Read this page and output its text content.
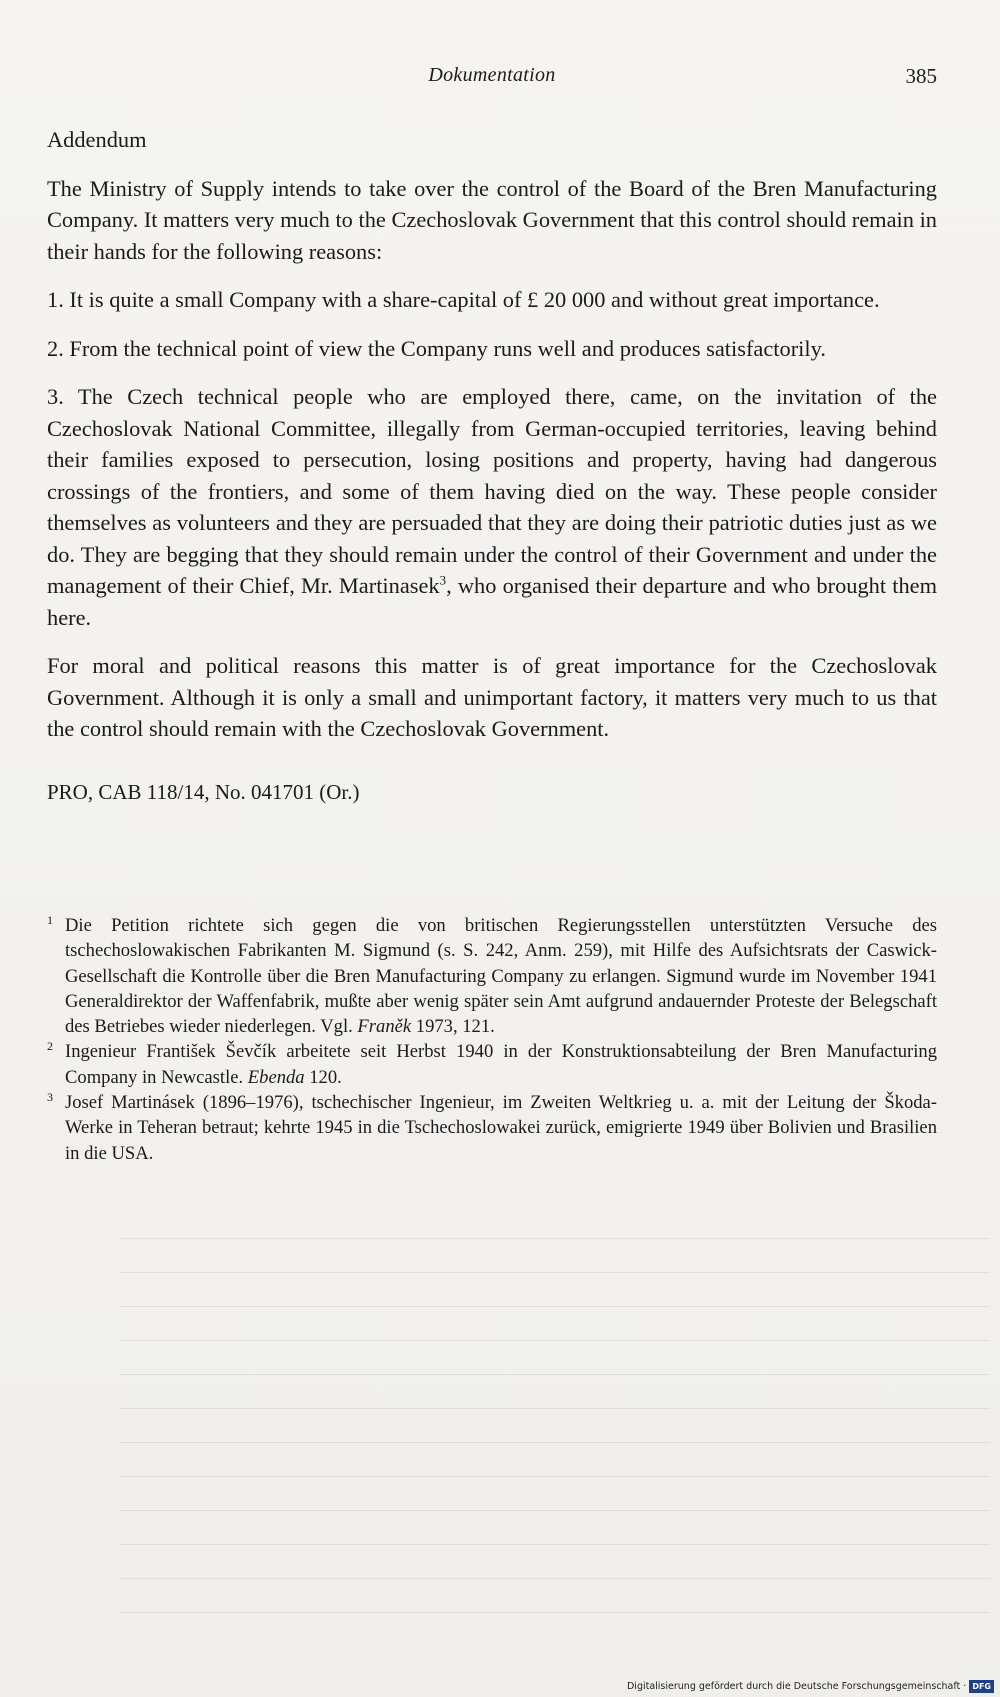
Dokumentation	385

Addendum

The Ministry of Supply intends to take over the control of the Board of the Bren Manufacturing Company. It matters very much to the Czechoslovak Government that this control should remain in their hands for the following reasons:

1. It is quite a small Company with a share-capital of £ 20 000 and without great importance.

2. From the technical point of view the Company runs well and produces satisfactorily.

3. The Czech technical people who are employed there, came, on the invitation of the Czechoslovak National Committee, illegally from German-occupied territories, leaving behind their families exposed to persecution, losing positions and property, having had dangerous crossings of the frontiers, and some of them having died on the way. These people consider themselves as volunteers and they are persuaded that they are doing their patriotic duties just as we do. They are begging that they should remain under the control of their Government and under the management of their Chief, Mr. Martinasek$^3$, who organised their departure and who brought them here.

For moral and political reasons this matter is of great importance for the Czechoslovak Government. Although it is only a small and unimportant factory, it matters very much to us that the control should remain with the Czechoslovak Government.

PRO, CAB 118/14, No. 041701 (Or.)

1 Die Petition richtete sich gegen die von britischen Regierungsstellen unterstützten Versuche des tschechoslowakischen Fabrikanten M. Sigmund (s. S. 242, Anm. 259), mit Hilfe des Aufsichtsrats der Caswick-Gesellschaft die Kontrolle über die Bren Manufacturing Company zu erlangen. Sigmund wurde im November 1941 Generaldirektor der Waffenfabrik, mußte aber wenig später sein Amt aufgrund andauernder Proteste der Belegschaft des Betriebes wieder niederlegen. Vgl. Franěk 1973, 121.
2 Ingenieur František Ševčík arbeitete seit Herbst 1940 in der Konstruktionsabteilung der Bren Manufacturing Company in Newcastle. Ebenda 120.
3 Josef Martinásek (1896–1976), tschechischer Ingenieur, im Zweiten Weltkrieg u. a. mit der Leitung der Škoda-Werke in Teheran betraut; kehrte 1945 in die Tschechoslowakei zurück, emigrierte 1949 über Bolivien und Brasilien in die USA.
Digitalisierung gefördert durch die Deutsche Forschungsgemeinschaft · DFG
